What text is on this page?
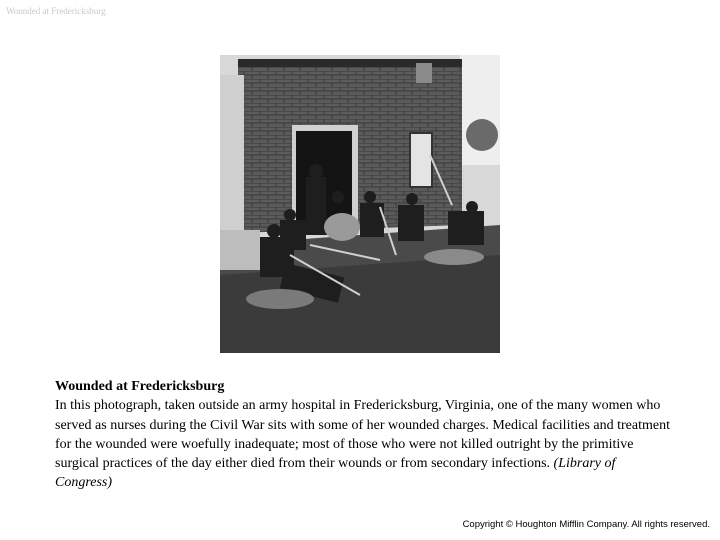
Wounded at Fredericksburg
Wounded at Fredericksburg
In this photograph, taken outside an army hospital in Fredericksburg, Virginia, one of the many women who served as nurses during the Civil War sits with some of her wounded charges. Medical facilities and treatment for the wounded were woefully inadequate; most of those who were not killed outright by the primitive surgical practices of the day either died from their wounds or from secondary infections. (Library of Congress)
Copyright © Houghton Mifflin Company. All rights reserved.
